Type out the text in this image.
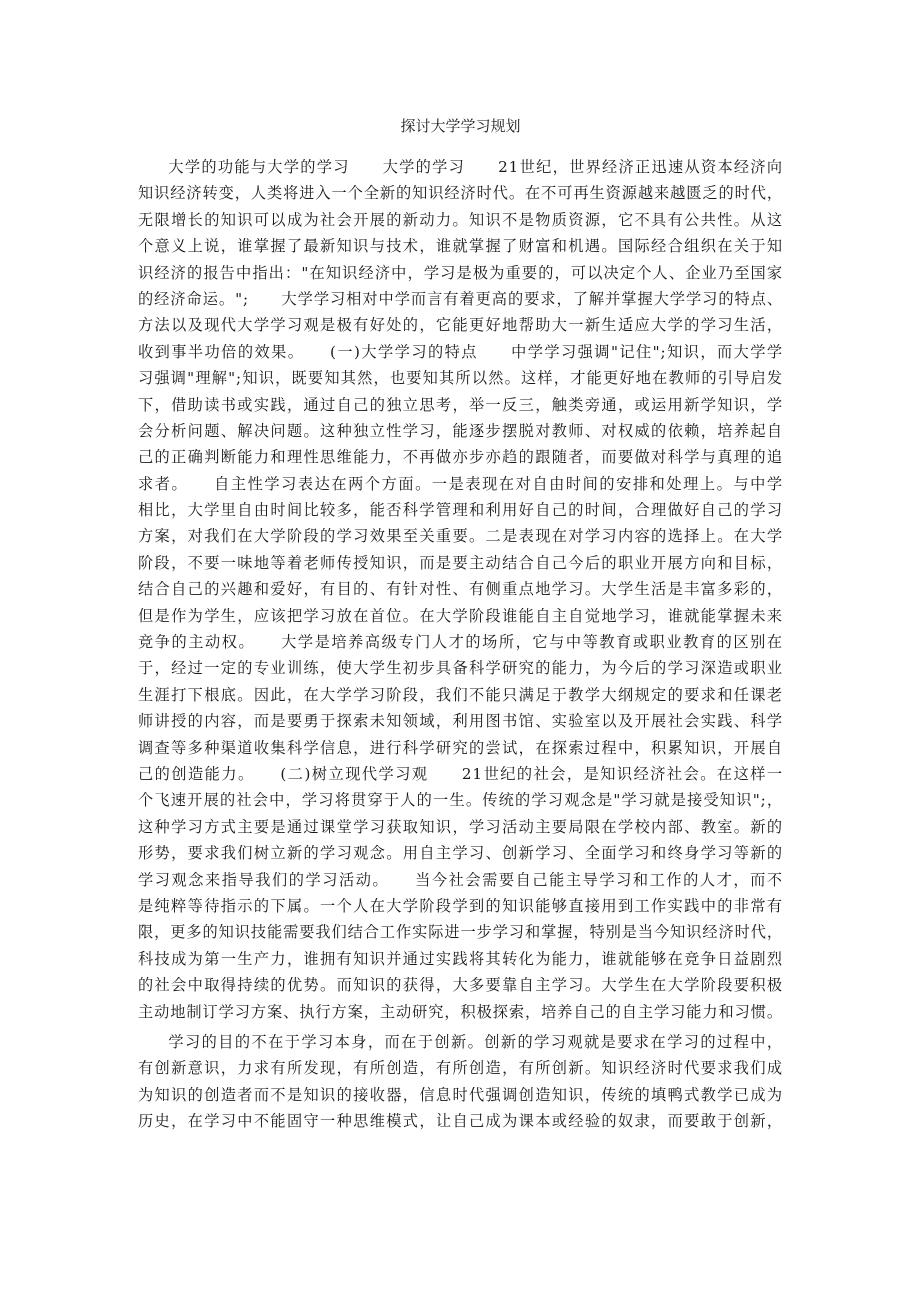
探讨大学学习规划
大学的功能与大学的学习　　大学的学习　　21世纪，世界经济正迅速从资本经济向
知识经济转变，人类将进入一个全新的知识经济时代。在不可再生资源越来越匮乏的时代，
无限增长的知识可以成为社会开展的新动力。知识不是物质资源，它不具有公共性。从这
个意义上说，谁掌握了最新知识与技术，谁就掌握了财富和机遇。国际经合组织在关于知
识经济的报告中指出："在知识经济中，学习是极为重要的，可以决定个人、企业乃至国家
的经济命运。";　　大学学习相对中学而言有着更高的要求，了解并掌握大学学习的特点、
方法以及现代大学学习观是极有好处的，它能更好地帮助大一新生适应大学的学习生活，
收到事半功倍的效果。　　(一)大学学习的特点　　中学学习强调"记住";知识，而大学学
习强调"理解";知识，既要知其然，也要知其所以然。这样，才能更好地在教师的引导启发
下，借助读书或实践，通过自己的独立思考，举一反三，触类旁通，或运用新学知识，学
会分析问题、解决问题。这种独立性学习，能逐步摆脱对教师、对权威的依赖，培养起自
己的正确判断能力和理性思维能力，不再做亦步亦趋的跟随者，而要做对科学与真理的追
求者。　　自主性学习表达在两个方面。一是表现在对自由时间的安排和处理上。与中学
相比，大学里自由时间比较多，能否科学管理和利用好自己的时间，合理做好自己的学习
方案，对我们在大学阶段的学习效果至关重要。二是表现在对学习内容的选择上。在大学
阶段，不要一味地等着老师传授知识，而是要主动结合自己今后的职业开展方向和目标，
结合自己的兴趣和爱好，有目的、有针对性、有侧重点地学习。大学生活是丰富多彩的，
但是作为学生，应该把学习放在首位。在大学阶段谁能自主自觉地学习，谁就能掌握未来
竞争的主动权。　　大学是培养高级专门人才的场所，它与中等教育或职业教育的区别在
于，经过一定的专业训练，使大学生初步具备科学研究的能力，为今后的学习深造或职业
生涯打下根底。因此，在大学学习阶段，我们不能只满足于教学大纲规定的要求和任课老
师讲授的内容，而是要勇于探索未知领域，利用图书馆、实验室以及开展社会实践、科学
调查等多种渠道收集科学信息，进行科学研究的尝试，在探索过程中，积累知识，开展自
己的创造能力。　　(二)树立现代学习观　　21世纪的社会，是知识经济社会。在这样一
个飞速开展的社会中，学习将贯穿于人的一生。传统的学习观念是"学习就是接受知识";，
这种学习方式主要是通过课堂学习获取知识，学习活动主要局限在学校内部、教室。新的
形势，要求我们树立新的学习观念。用自主学习、创新学习、全面学习和终身学习等新的
学习观念来指导我们的学习活动。　　当今社会需要自己能主导学习和工作的人才，而不
是纯粹等待指示的下属。一个人在大学阶段学到的知识能够直接用到工作实践中的非常有
限，更多的知识技能需要我们结合工作实际进一步学习和掌握，特别是当今知识经济时代，
科技成为第一生产力，谁拥有知识并通过实践将其转化为能力，谁就能够在竞争日益剧烈
的社会中取得持续的优势。而知识的获得，大多要靠自主学习。大学生在大学阶段要积极
主动地制订学习方案、执行方案，主动研究，积极探索，培养自己的自主学习能力和习惯。
学习的目的不在于学习本身，而在于创新。创新的学习观就是要求在学习的过程中，
有创新意识，力求有所发现，有所创造，有所创造，有所创新。知识经济时代要求我们成
为知识的创造者而不是知识的接收器，信息时代强调创造知识，传统的填鸭式教学已成为
历史，在学习中不能固守一种思维模式，让自己成为课本或经验的奴隶，而要敢于创新，
